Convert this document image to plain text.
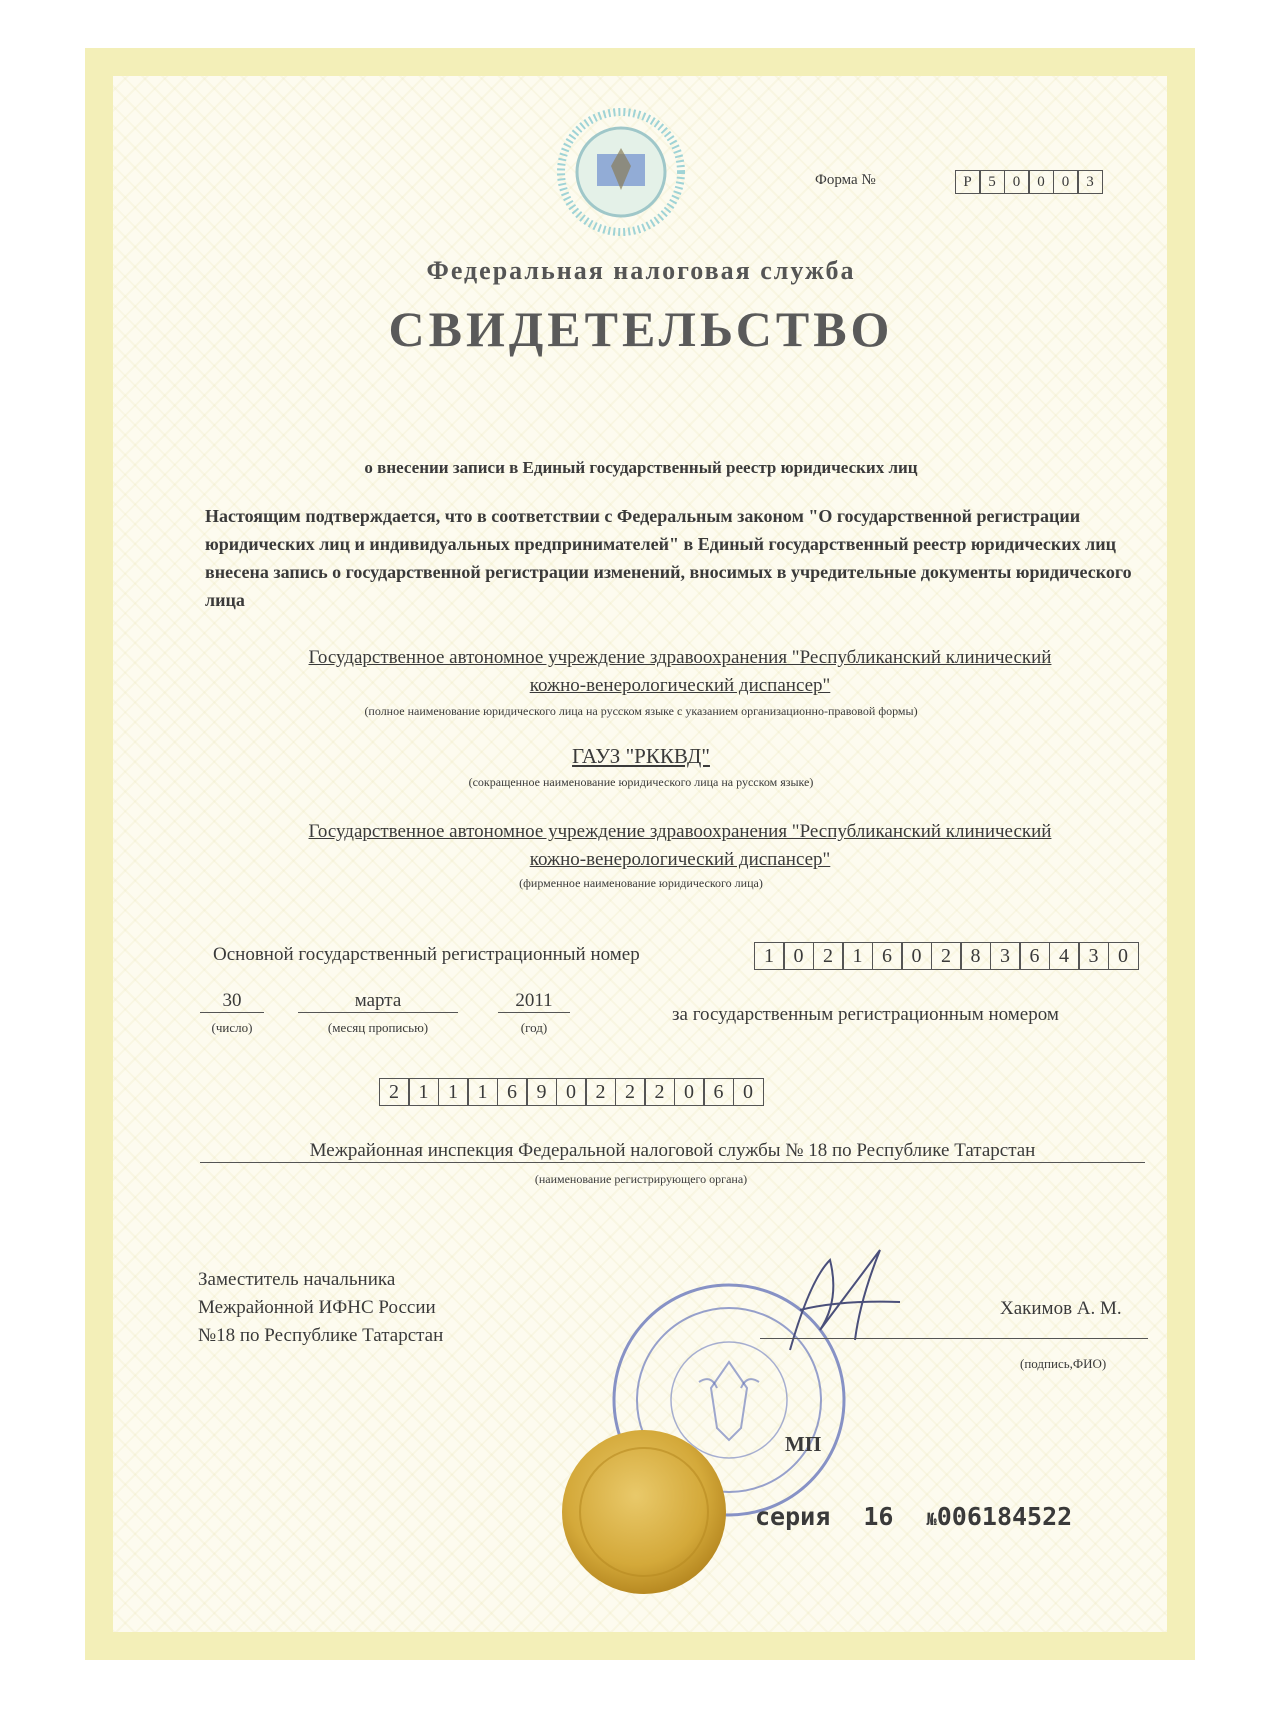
Форма №	Р	5	0	0	0	3
Федеральная налоговая служба
СВИДЕТЕЛЬСТВО
о внесении записи в Единый государственный реестр юридических лиц
Настоящим подтверждается, что в соответствии с Федеральным законом "О государственной регистрации юридических лиц и индивидуальных предпринимателей" в Единый государственный реестр юридических лиц внесена запись о государственной регистрации изменений, вносимых в учредительные документы юридического лица
Государственное автономное учреждение здравоохранения "Республиканский клинический
кожно-венерологический диспансер"
(полное наименование юридического лица на русском языке с указанием организационно-правовой формы)
ГАУЗ "РККВД"
(сокращенное наименование юридического лица на русском языке)
Государственное автономное учреждение здравоохранения "Республиканский клинический
кожно-венерологический диспансер"
(фирменное наименование юридического лица)
Основной государственный регистрационный номер	1 0 2 1 6 0 2 8 3 6 4 3 0
30
(число)
марта
(месяц прописью)
2011
(год)
за государственным регистрационным номером
2 1 1 1 6 9 0 2 2 2 0 6 0
Межрайонная инспекция Федеральной налоговой службы № 18 по Республике Татарстан
(наименование регистрирующего органа)
Заместитель начальника
Межрайонной ИФНС России
№18 по Республике Татарстан
Хакимов А. М.
(подпись,ФИО)
МП
серия 16 №006184522
